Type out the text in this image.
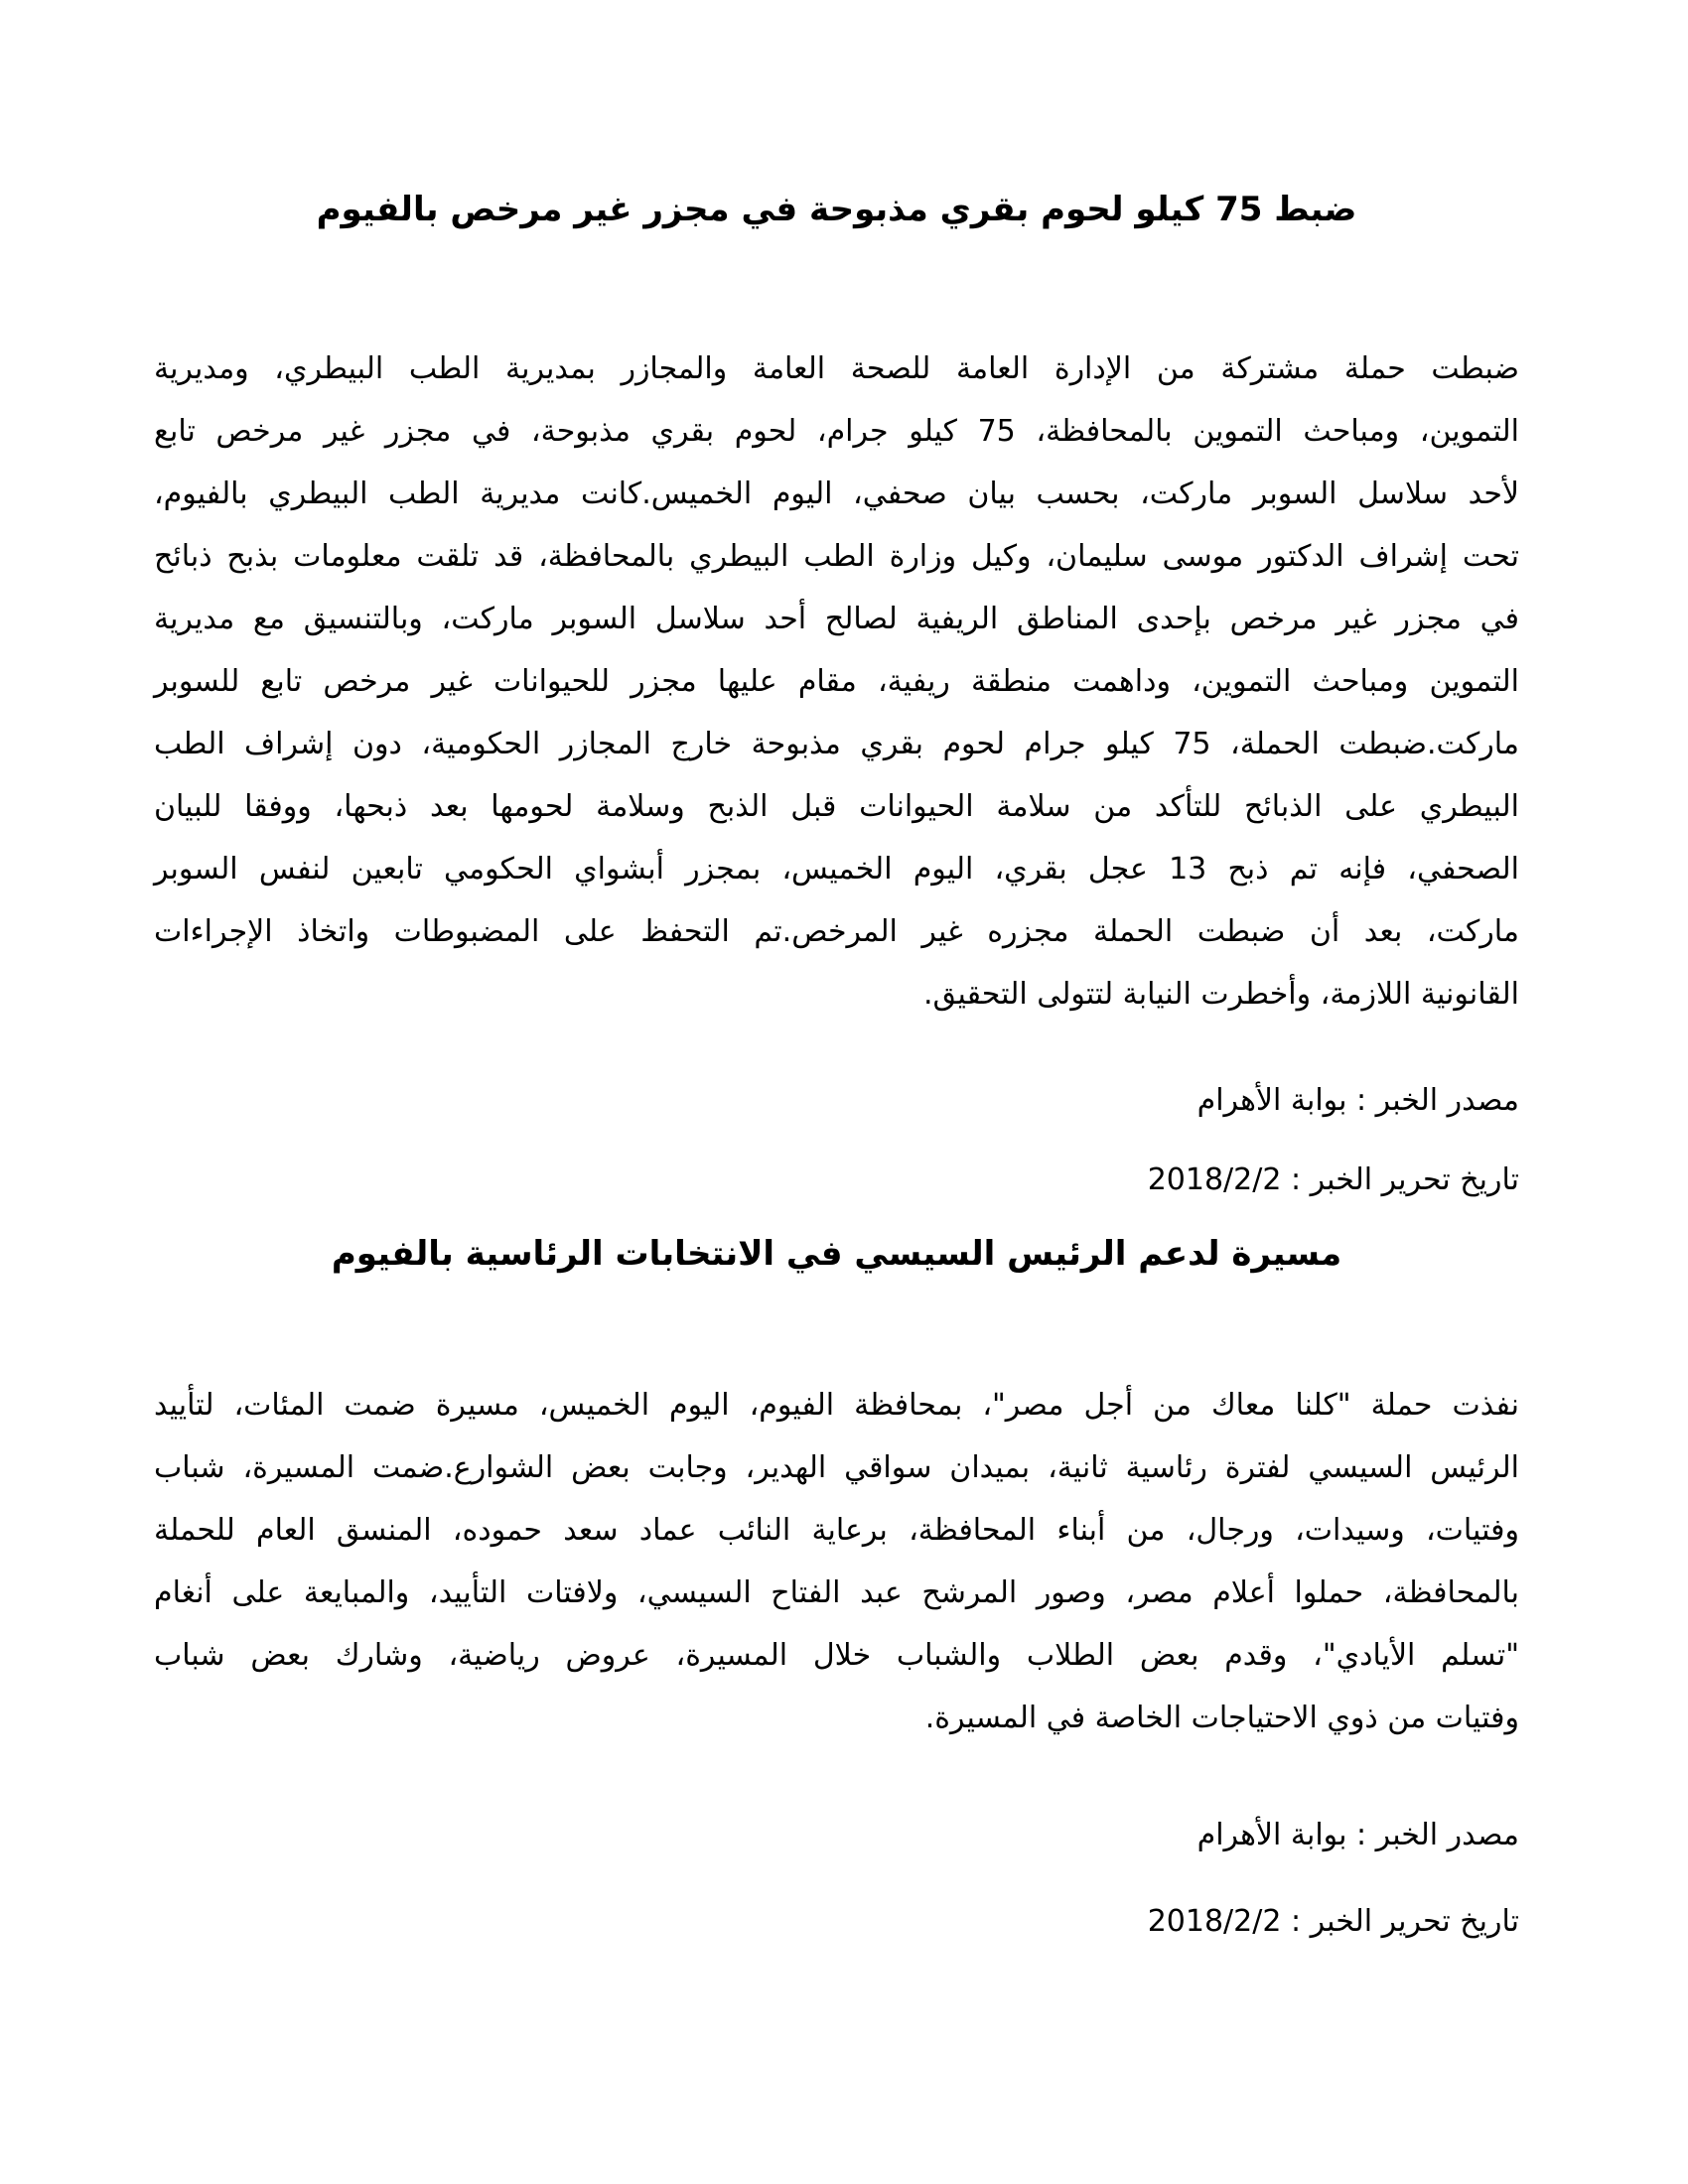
ضبط 75 كيلو لحوم بقري مذبوحة في مجزر غير مرخص بالفيوم
ضبطت حملة مشتركة من الإدارة العامة للصحة العامة والمجازر بمديرية الطب البيطري، ومديرية
التموين، ومباحث التموين بالمحافظة، 75 كيلو جرام، لحوم بقري مذبوحة، في مجزر غير مرخص تابع
لأحد سلاسل السوبر ماركت، بحسب بيان صحفي، اليوم الخميس.كانت مديرية الطب البيطري بالفيوم،
تحت إشراف الدكتور موسى سليمان، وكيل وزارة الطب البيطري بالمحافظة، قد تلقت معلومات بذبح ذبائح
في مجزر غير مرخص بإحدى المناطق الريفية لصالح أحد سلاسل السوبر ماركت، وبالتنسيق مع مديرية
التموين ومباحث التموين، وداهمت منطقة ريفية، مقام عليها مجزر للحيوانات غير مرخص تابع للسوبر
ماركت.ضبطت الحملة، 75 كيلو جرام لحوم بقري مذبوحة خارج المجازر الحكومية، دون إشراف الطب
البيطري على الذبائح للتأكد من سلامة الحيوانات قبل الذبح وسلامة لحومها بعد ذبحها، ووفقا للبيان
الصحفي، فإنه تم ذبح 13 عجل بقري، اليوم الخميس، بمجزر أبشواي الحكومي تابعين لنفس السوبر
ماركت، بعد أن ضبطت الحملة مجزره غير المرخص.تم التحفظ على المضبوطات واتخاذ الإجراءات
القانونية اللازمة، وأخطرت النيابة لتتولى التحقيق.
مصدر الخبر : بوابة الأهرام
تاريخ تحرير الخبر : 2018/2/2
مسيرة لدعم الرئيس السيسي في الانتخابات الرئاسية بالفيوم
نفذت حملة "كلنا معاك من أجل مصر"، بمحافظة الفيوم، اليوم الخميس، مسيرة ضمت المئات، لتأييد
الرئيس السيسي لفترة رئاسية ثانية، بميدان سواقي الهدير، وجابت بعض الشوارع.ضمت المسيرة، شباب
وفتيات، وسيدات، ورجال، من أبناء المحافظة، برعاية النائب عماد سعد حموده، المنسق العام للحملة
بالمحافظة، حملوا أعلام مصر، وصور المرشح عبد الفتاح السيسي، ولافتات التأييد، والمبايعة على أنغام
"تسلم الأيادي"، وقدم بعض الطلاب والشباب خلال المسيرة، عروض رياضية، وشارك بعض شباب
وفتيات من ذوي الاحتياجات الخاصة في المسيرة.
مصدر الخبر : بوابة الأهرام
تاريخ تحرير الخبر : 2018/2/2
